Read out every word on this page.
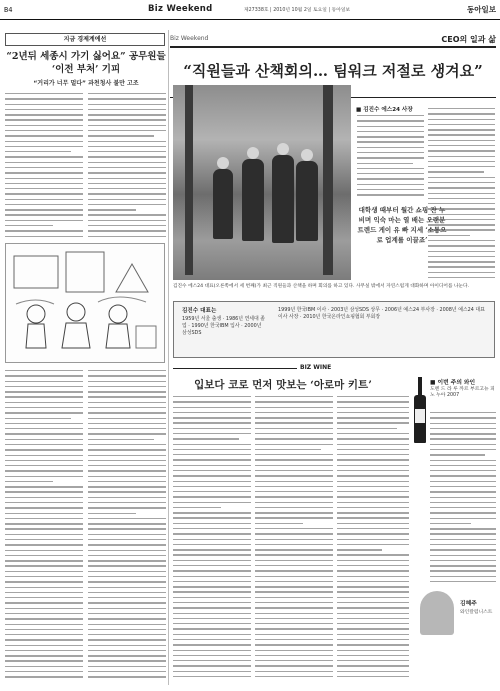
B4	Biz Weekend	제27338호 | 2010년 10월 2일 토요일 | 동아일보	동아일보
지금 경제계에선
“2년뒤 세종시 가기 싫어요” 공무원들 ‘이전 부처’ 기피
“거리가 너무 멀다” 과천청사 불만 고조
Biz Weekend	CEO의 일과 삶
“직원들과 산책회의… 팀워크 저절로 생겨요”
■ 김진수 에스24 사장
대학생 때부터 월간 쇼핑 잔 누비며 익숙 마는 열 배는 오랜분 트렌드 게이 유 빠 지세 ‘소통으로 업계를 이끌죠’
김진수 에스24 대표(오른쪽에서 세 번째)가 최근 직원들과 산책을 하며 회의를 하고 있다. 사무실 밖에서 자연스럽게 대화하며 아이디어를 나눈다.
김진수 대표는
1959년 서울 출생 · 1986년 연세대 졸업 · 1990년 한국IBM 입사 · 2000년 삼성SDS
1999년 한국IBM 이사 · 2003년 삼성SDS 상무 · 2006년 예스24 부사장 · 2008년 예스24 대표이사 사장 · 2010년 한국온라인쇼핑협회 부회장
BIZ WINE
입보다 코로 먼저 맛보는 ‘아로마 키트’	■ 이번 주의 와인
도멘 드 라 루 까르 부르고뉴 피노 누아 2007
김혜주
와인칼럼니스트
